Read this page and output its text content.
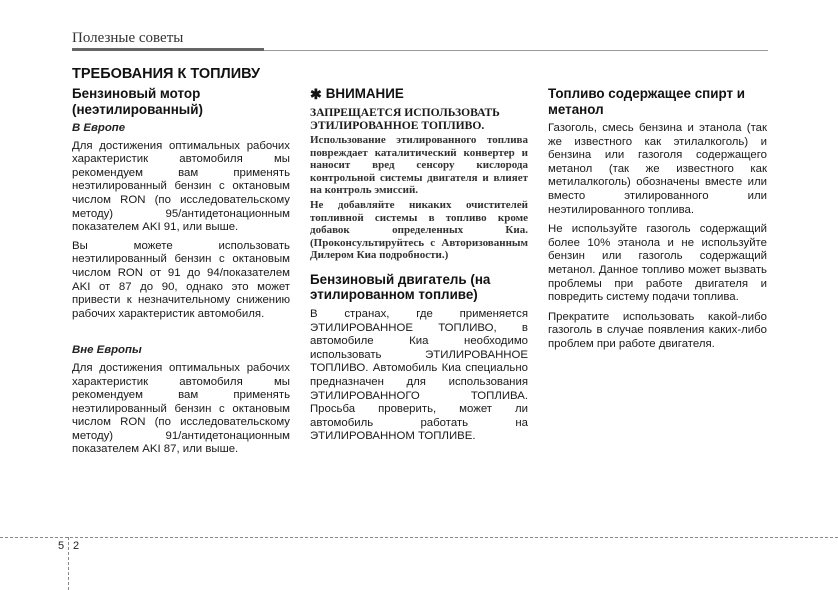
Полезные советы
ТРЕБОВАНИЯ К ТОПЛИВУ
Бензиновый мотор (неэтилированный)
В Европе
Для достижения оптимальных рабочих характеристик автомобиля мы рекомендуем вам применять неэтилированный бензин с октановым числом RON (по исследовательскому методу) 95/антидетонационным показателем AKI 91, или выше.
Вы можете использовать неэтилированный бензин с октановым числом RON от 91 до 94/показателем AKI от 87 до 90, однако это может привести к незначительному снижению рабочих характеристик автомобиля.
Вне Европы
Для достижения оптимальных рабочих характеристик автомобиля мы рекомендуем вам применять неэтилированный бензин с октановым числом RON (по исследовательскому методу) 91/антидетонационным показателем AKI 87, или выше.
✱ ВНИМАНИЕ
ЗАПРЕЩАЕТСЯ ИСПОЛЬЗОВАТЬ ЭТИЛИРОВАННОЕ ТОПЛИВО.
Использование этилированного топлива повреждает каталитический конвертер и наносит вред сенсору кислорода контрольной системы двигателя и влияет на контроль эмиссий.
Не добавляйте никаких очистителей топливной системы в топливо кроме добавок определенных Киа. (Проконсультируйтесь с Авторизованным Дилером Киа подробности.)
Бензиновый двигатель (на этилированном топливе)
В странах, где применяется ЭТИЛИРОВАННОЕ ТОПЛИВО, в автомобиле Киа необходимо использовать ЭТИЛИРОВАННОЕ ТОПЛИВО. Автомобиль Киа специально предназначен для использования ЭТИЛИРОВАННОГО ТОПЛИВА. Просьба проверить, может ли автомобиль работать на ЭТИЛИРОВАННОМ ТОПЛИВЕ.
Топливо содержащее спирт и метанол
Газоголь, смесь бензина и этанола (так же известного как этилалкоголь) и бензина или газоголя содержащего метанол (так же известного как метилалкоголь) обозначены вместе или вместо этилированного или неэтилированного топлива.
Не используйте газоголь содержащий более 10% этанола и не используйте бензин или газоголь содержащий метанол. Данное топливо может вызвать проблемы при работе двигателя и повредить систему подачи топлива.
Прекратите использовать какой-либо газоголь в случае появления каких-либо проблем при работе двигателя.
5 2
